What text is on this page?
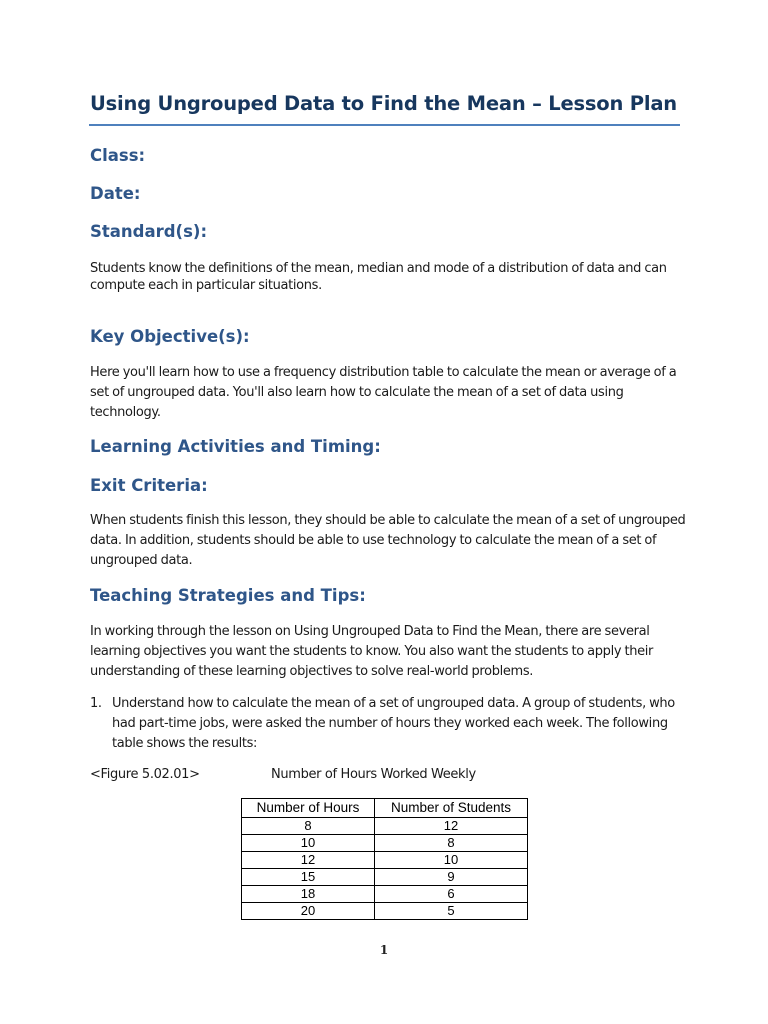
Using Ungrouped Data to Find the Mean – Lesson Plan
Class:
Date:
Standard(s):

Students know the definitions of the mean, median and mode of a distribution of data and can compute each in particular situations.

Key Objective(s):

Here you'll learn how to use a frequency distribution table to calculate the mean or average of a set of ungrouped data. You'll also learn how to calculate the mean of a set of data using technology.

Learning Activities and Timing:
Exit Criteria:

When students finish this lesson, they should be able to calculate the mean of a set of ungrouped data. In addition, students should be able to use technology to calculate the mean of a set of ungrouped data.

Teaching Strategies and Tips:

In working through the lesson on Using Ungrouped Data to Find the Mean, there are several learning objectives you want the students to know. You also want the students to apply their understanding of these learning objectives to solve real-world problems.

1. Understand how to calculate the mean of a set of ungrouped data. A group of students, who had part-time jobs, were asked the number of hours they worked each week. The following table shows the results:

<Figure 5.02.01>	Number of Hours Worked Weekly

Number of Hours	Number of Students
8	12
10	8
12	10
15	9
18	6
20	5

1
